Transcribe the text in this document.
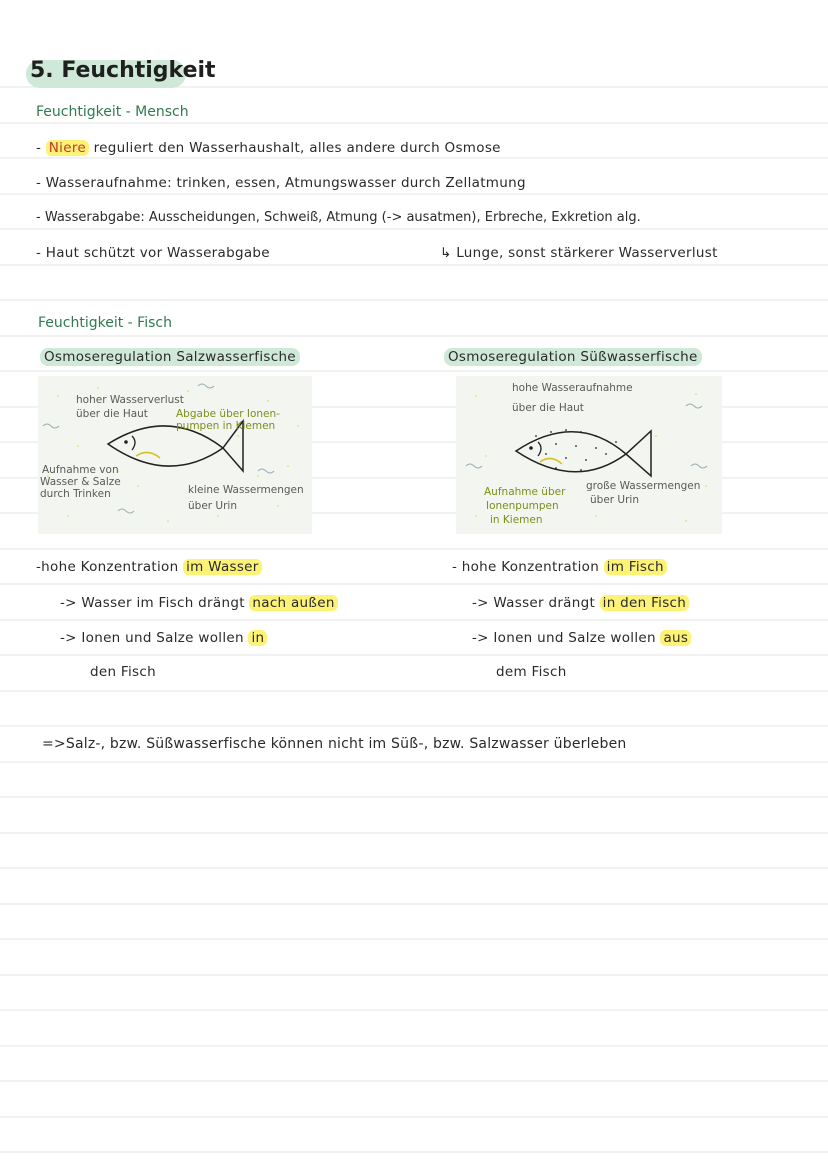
5. Feuchtigkeit
Feuchtigkeit - Mensch
- Niere reguliert den Wasserhaushalt, alles andere durch Osmose
- Wasseraufnahme: trinken, essen, Atmungswasser durch Zellatmung
- Wasserabgabe: Ausscheidungen, Schweiß, Atmung (-> ausatmen), Erbreche, Exkretion alg.
- Haut schützt vor Wasserabgabe	↳ Lunge, sonst stärkerer Wasserverlust
Feuchtigkeit - Fisch
Osmoseregulation Salzwasserfische
hoher Wasserverlust
über die Haut	Abgabe über Ionen-
pumpen in Kiemen
Aufnahme von
Wasser & Salze
durch Trinken	kleine Wassermengen
über Urin
-hohe Konzentration im Wasser
-> Wasser im Fisch drängt nach außen
-> Ionen und Salze wollen in
den Fisch
Osmoseregulation Süßwasserfische
hohe Wasseraufnahme
über die Haut
Aufnahme über
Ionenpumpen
in Kiemen
große Wassermengen
über Urin
- hohe Konzentration im Fisch
-> Wasser drängt in den Fisch
-> Ionen und Salze wollen aus
dem Fisch
=>Salz-, bzw. Süßwasserfische können nicht im Süß-, bzw. Salzwasser überleben
